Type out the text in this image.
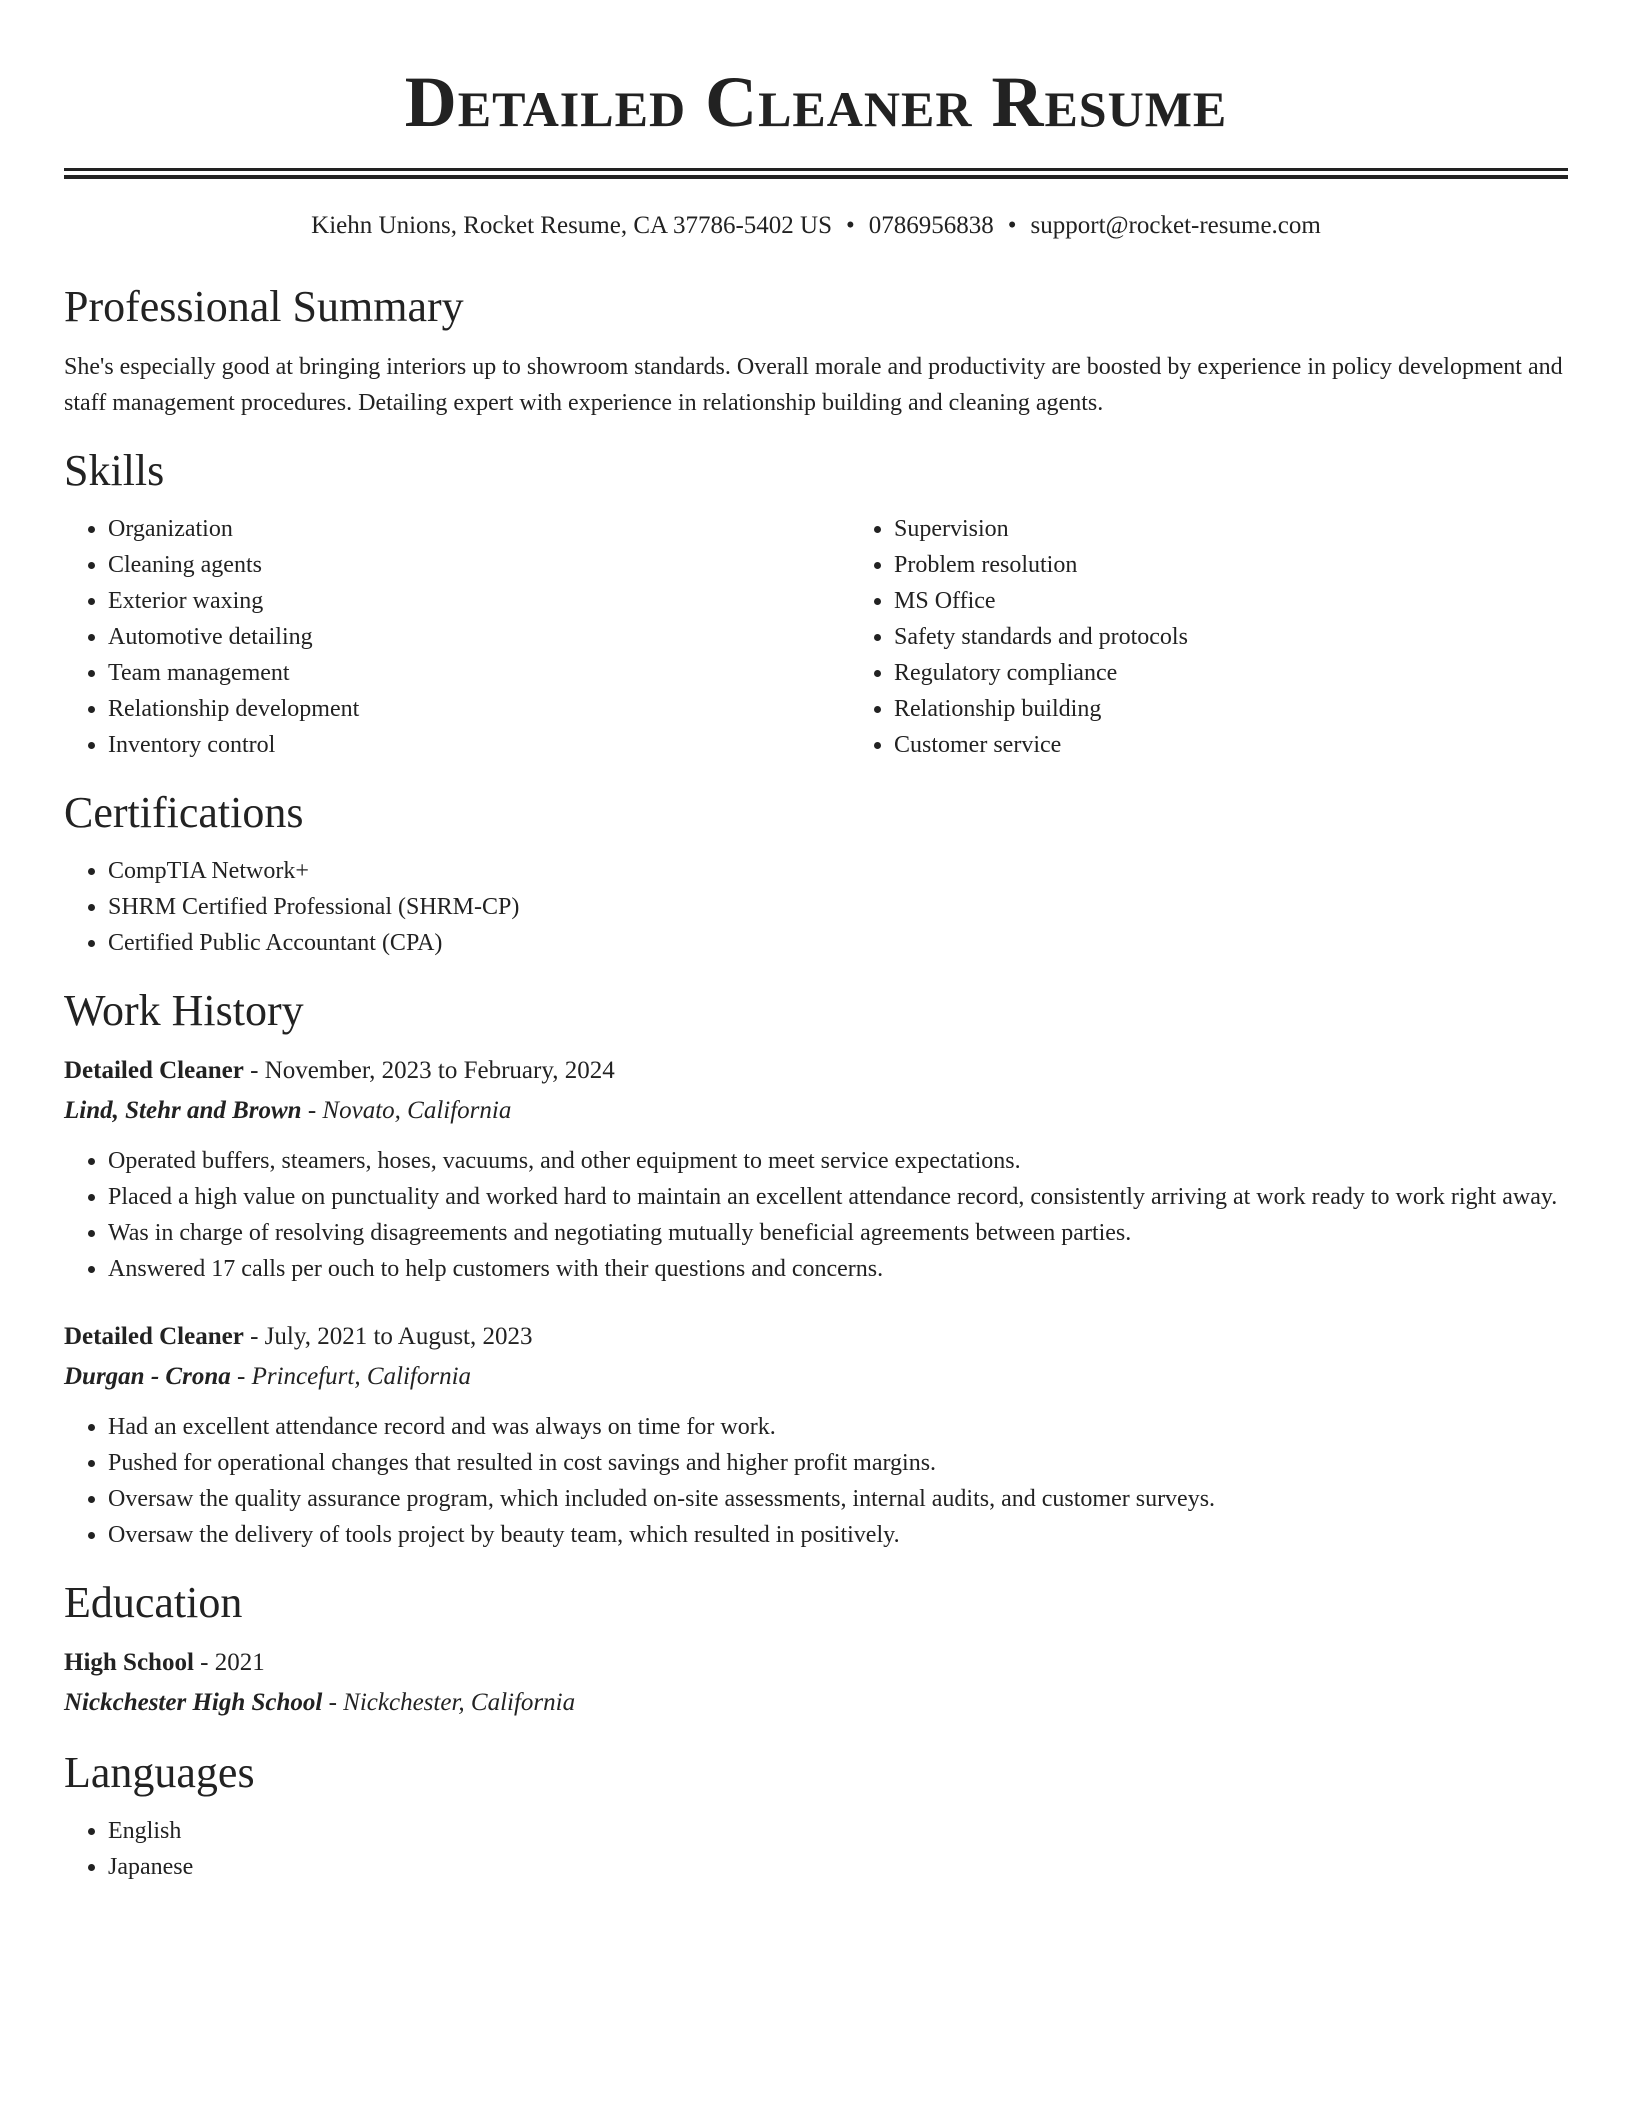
Detailed Cleaner Resume
Kiehn Unions, Rocket Resume, CA 37786-5402 US • 0786956838 • support@rocket-resume.com
Professional Summary
She's especially good at bringing interiors up to showroom standards. Overall morale and productivity are boosted by experience in policy development and staff management procedures. Detailing expert with experience in relationship building and cleaning agents.
Skills
• Organization
• Cleaning agents
• Exterior waxing
• Automotive detailing
• Team management
• Relationship development
• Inventory control
• Supervision
• Problem resolution
• MS Office
• Safety standards and protocols
• Regulatory compliance
• Relationship building
• Customer service
Certifications
• CompTIA Network+
• SHRM Certified Professional (SHRM-CP)
• Certified Public Accountant (CPA)
Work History
Detailed Cleaner - November, 2023 to February, 2024
Lind, Stehr and Brown - Novato, California
• Operated buffers, steamers, hoses, vacuums, and other equipment to meet service expectations.
• Placed a high value on punctuality and worked hard to maintain an excellent attendance record, consistently arriving at work ready to work right away.
• Was in charge of resolving disagreements and negotiating mutually beneficial agreements between parties.
• Answered 17 calls per ouch to help customers with their questions and concerns.
Detailed Cleaner - July, 2021 to August, 2023
Durgan - Crona - Princefurt, California
• Had an excellent attendance record and was always on time for work.
• Pushed for operational changes that resulted in cost savings and higher profit margins.
• Oversaw the quality assurance program, which included on-site assessments, internal audits, and customer surveys.
• Oversaw the delivery of tools project by beauty team, which resulted in positively.
Education
High School - 2021
Nickchester High School - Nickchester, California
Languages
• English
• Japanese
